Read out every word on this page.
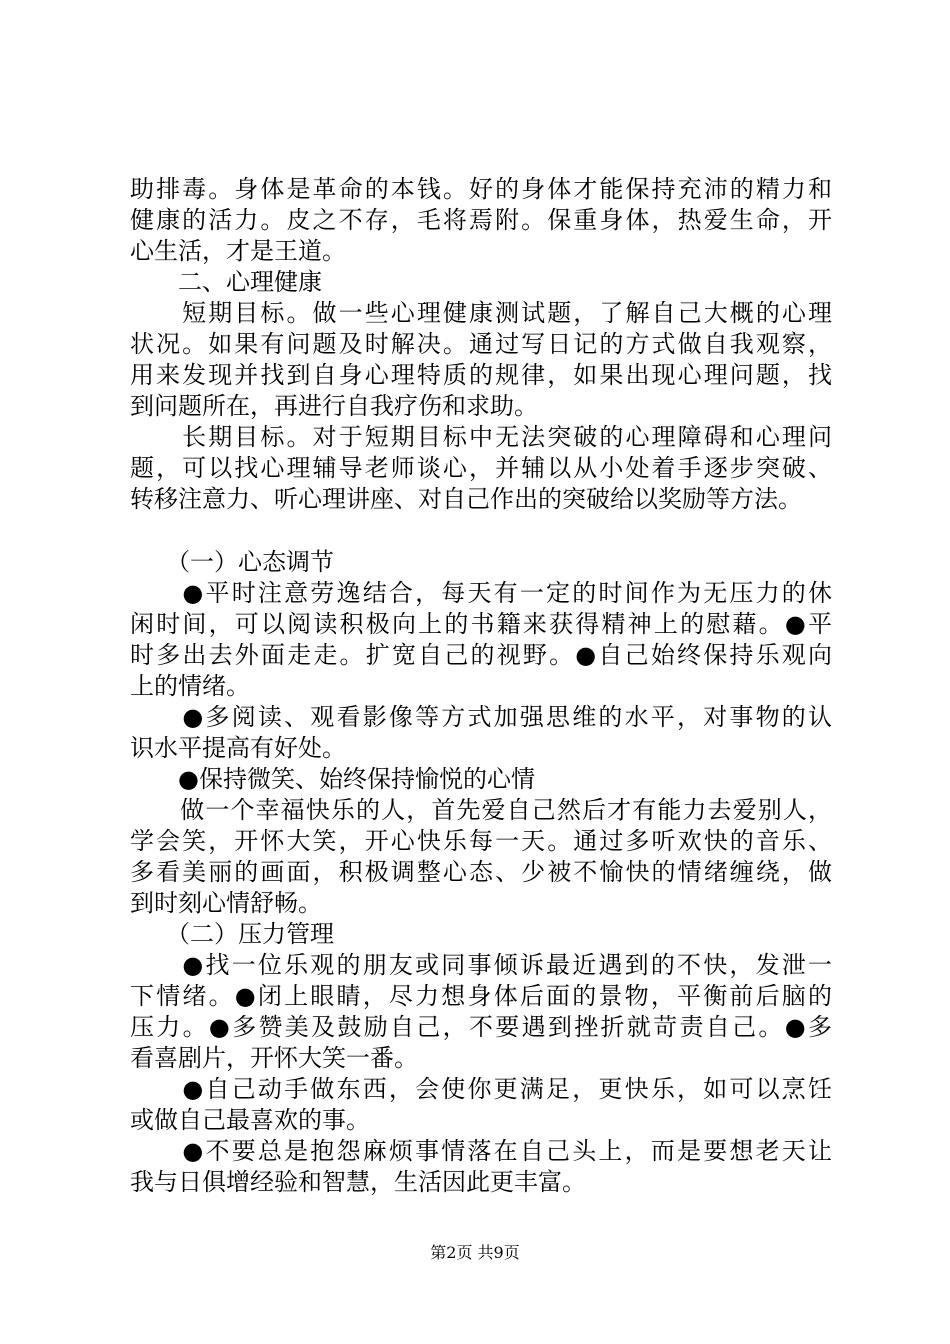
助排毒。身体是革命的本钱。好的身体才能保持充沛的精力和
健康的活力。皮之不存，毛将焉附。保重身体，热爱生命，开
心生活，才是王道。
　　二、心理健康
　　短期目标。做一些心理健康测试题，了解自己大概的心理
状况。如果有问题及时解决。通过写日记的方式做自我观察，
用来发现并找到自身心理特质的规律，如果出现心理问题，找
到问题所在，再进行自我疗伤和求助。
　　长期目标。对于短期目标中无法突破的心理障碍和心理问
题，可以找心理辅导老师谈心，并辅以从小处着手逐步突破、
转移注意力、听心理讲座、对自己作出的突破给以奖励等方法。
　　（一）心态调节
　　●平时注意劳逸结合，每天有一定的时间作为无压力的休
闲时间，可以阅读积极向上的书籍来获得精神上的慰藉。●平
时多出去外面走走。扩宽自己的视野。●自己始终保持乐观向
上的情绪。
　　●多阅读、观看影像等方式加强思维的水平，对事物的认
识水平提高有好处。
　　●保持微笑、始终保持愉悦的心情
　　做一个幸福快乐的人，首先爱自己然后才有能力去爱别人，
学会笑，开怀大笑，开心快乐每一天。通过多听欢快的音乐、
多看美丽的画面，积极调整心态、少被不愉快的情绪缠绕，做
到时刻心情舒畅。
　　（二）压力管理
　　●找一位乐观的朋友或同事倾诉最近遇到的不快，发泄一
下情绪。●闭上眼睛，尽力想身体后面的景物，平衡前后脑的
压力。●多赞美及鼓励自己，不要遇到挫折就苛责自己。●多
看喜剧片，开怀大笑一番。
　　●自己动手做东西，会使你更满足，更快乐，如可以烹饪
或做自己最喜欢的事。
　　●不要总是抱怨麻烦事情落在自己头上，而是要想老天让
我与日俱增经验和智慧，生活因此更丰富。
第2页 共9页
